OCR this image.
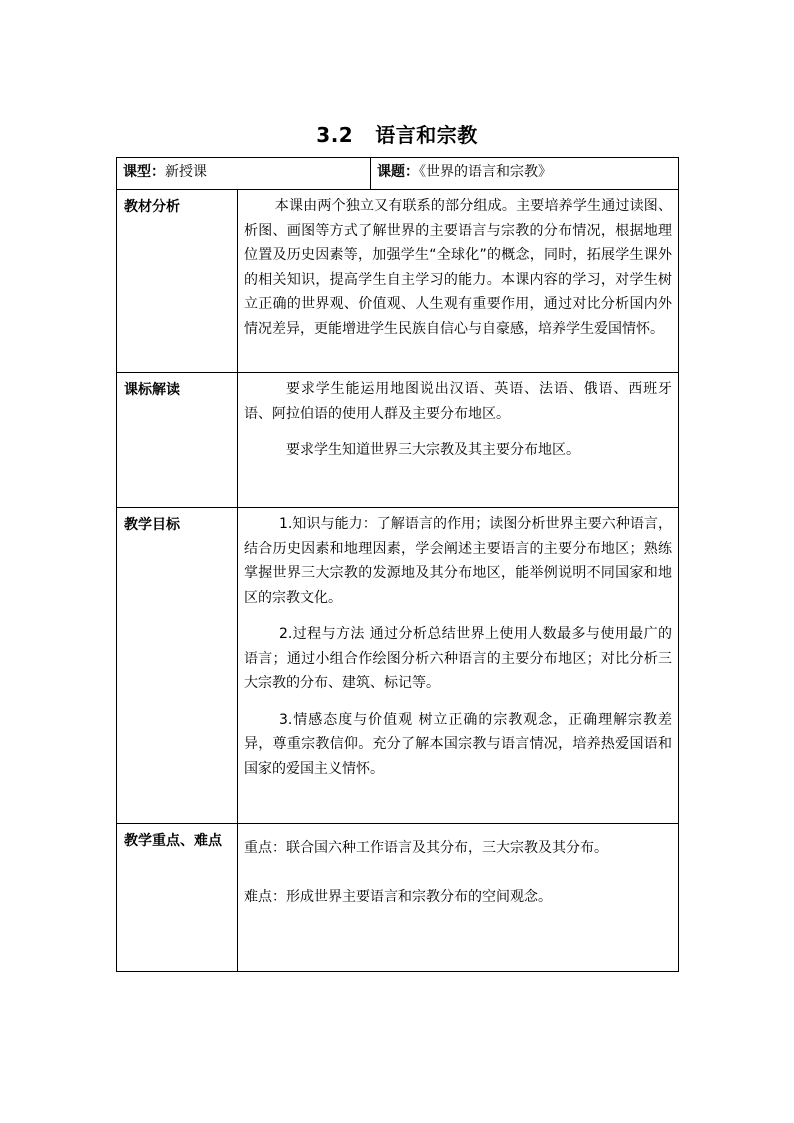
3.2 语言和宗教
课型：新授课		课题：《世界的语言和宗教》
教材分析	本课由两个独立又有联系的部分组成。主要培养学生通过读图、析图、画图等方式了解世界的主要语言与宗教的分布情况，根据地理位置及历史因素等，加强学生“全球化”的概念，同时，拓展学生课外的相关知识，提高学生自主学习的能力。本课内容的学习，对学生树立正确的世界观、价值观、人生观有重要作用，通过对比分析国内外情况差异，更能增进学生民族自信心与自豪感，培养学生爱国情怀。	

课标解读	要求学生能运用地图说出汉语、英语、法语、俄语、西班牙语、阿拉伯语的使用人群及主要分布地区。

要求学生知道世界三大宗教及其主要分布地区。	

教学目标	1.知识与能力：了解语言的作用；读图分析世界主要六种语言，结合历史因素和地理因素，学会阐述主要语言的主要分布地区；熟练掌握世界三大宗教的发源地及其分布地区，能举例说明不同国家和地区的宗教文化。

2.过程与方法 通过分析总结世界上使用人数最多与使用最广的语言；通过小组合作绘图分析六种语言的主要分布地区；对比分析三大宗教的分布、建筑、标记等。

3.情感态度与价值观 树立正确的宗教观念，正确理解宗教差异，尊重宗教信仰。充分了解本国宗教与语言情况，培养热爱国语和国家的爱国主义情怀。	

教学重点、难点	重点：联合国六种工作语言及其分布，三大宗教及其分布。

难点：形成世界主要语言和宗教分布的空间观念。	
